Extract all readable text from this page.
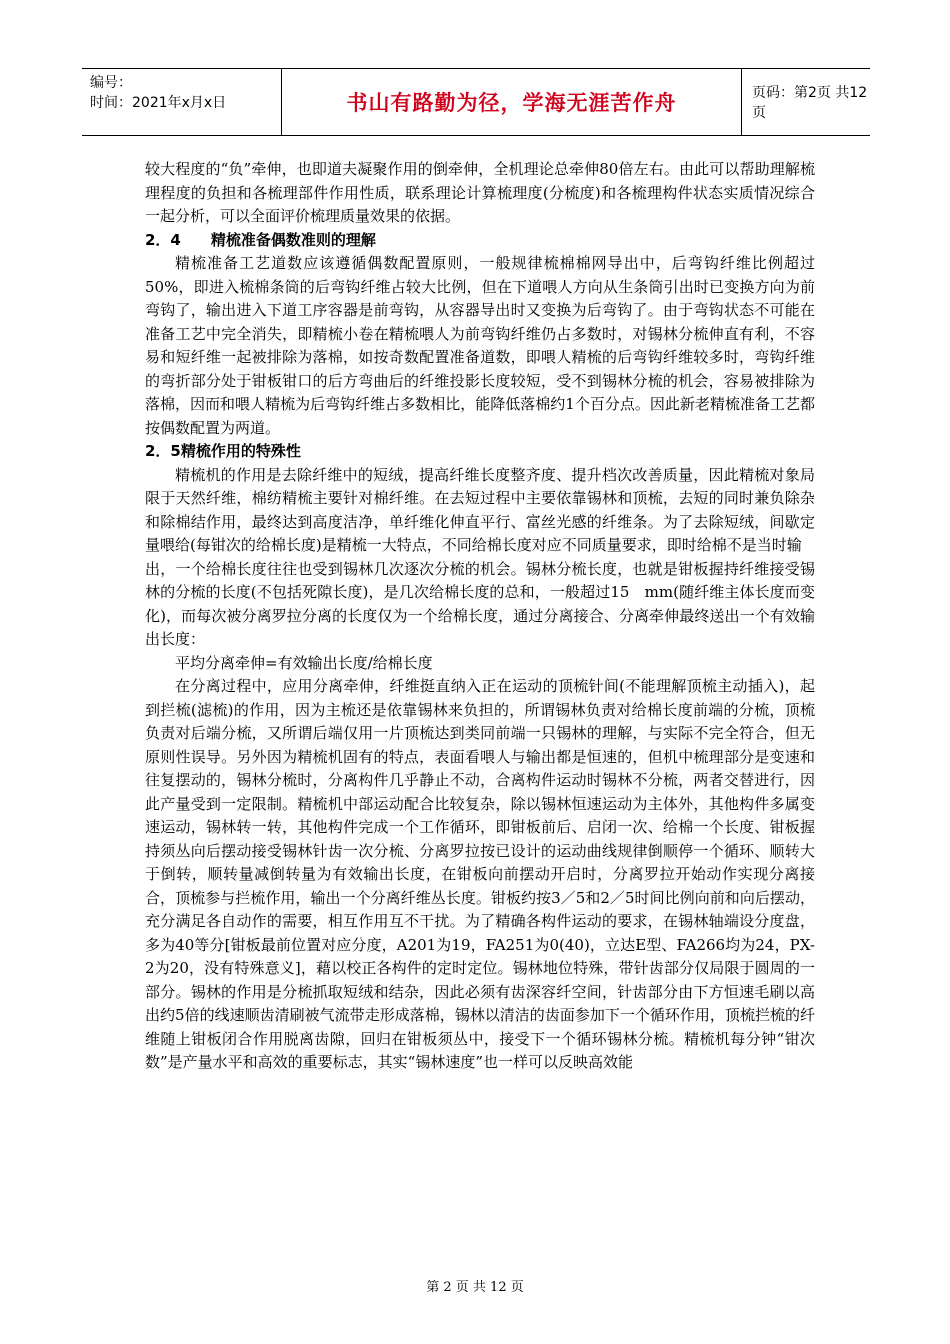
编号：
时间：2021年x月x日	书山有路勤为径，学海无涯苦作舟	页码：第2页 共12页

较大程度的“负”牵伸，也即道夫凝聚作用的倒牵伸，全机理论总牵伸80倍左右。由此可以帮助理解梳理程度的负担和各梳理部件作用性质，联系理论计算梳理度(分梳度)和各梳理构件状态实质情况综合一起分析，可以全面评价梳理质量效果的依据。

2．4　　精梳准备偶数准则的理解

精梳准备工艺道数应该遵循偶数配置原则，一般规律梳棉棉网导出中，后弯钩纤维比例超过50%，即进入梳棉条筒的后弯钩纤维占较大比例，但在下道喂人方向从生条筒引出时已变换方向为前弯钩了，输出进入下道工序容器是前弯钩，从容器导出时又变换为后弯钩了。由于弯钩状态不可能在准备工艺中完全消失，即精梳小卷在精梳喂人为前弯钩纤维仍占多数时，对锡林分梳伸直有利，不容易和短纤维一起被排除为落棉，如按奇数配置准备道数，即喂人精梳的后弯钩纤维较多时，弯钩纤维的弯折部分处于钳板钳口的后方弯曲后的纤维投影长度较短，受不到锡林分梳的机会，容易被排除为落棉，因而和喂人精梳为后弯钩纤维占多数相比，能降低落棉约1个百分点。因此新老精梳准备工艺都按偶数配置为两道。

2．5精梳作用的特殊性

精梳机的作用是去除纤维中的短绒，提高纤维长度整齐度、提升档次改善质量，因此精梳对象局限于天然纤维，棉纺精梳主要针对棉纤维。在去短过程中主要依靠锡林和顶梳，去短的同时兼负除杂和除棉结作用，最终达到高度洁净，单纤维化伸直平行、富丝光感的纤维条。为了去除短绒，间歇定量喂给(每钳次的给棉长度)是精梳一大特点，不同给棉长度对应不同质量要求，即时给棉不是当时输

出，一个给棉长度往往也受到锡林几次逐次分梳的机会。锡林分梳长度，也就是钳板握持纤维接受锡林的分梳的长度(不包括死隙长度)，是几次给棉长度的总和，一般超过15　mm(随纤维主体长度而变化)，而每次被分离罗拉分离的长度仅为一个给棉长度，通过分离接合、分离牵伸最终送出一个有效输出长度：

平均分离牵伸=有效输出长度/给棉长度

在分离过程中，应用分离牵伸，纤维挺直纳入正在运动的顶梳针间(不能理解顶梳主动插入)，起到拦梳(滤梳)的作用，因为主梳还是依靠锡林来负担的，所谓锡林负责对给棉长度前端的分梳，顶梳负责对后端分梳，又所谓后端仅用一片顶梳达到类同前端一只锡林的理解，与实际不完全符合，但无原则性误导。另外因为精梳机固有的特点，表面看喂人与输出都是恒速的，但机中梳理部分是变速和往复摆动的，锡林分梳时，分离构件几乎静止不动，合离构件运动时锡林不分梳，两者交替进行，因此产量受到一定限制。精梳机中部运动配合比较复杂，除以锡林恒速运动为主体外，其他构件多属变速运动，锡林转一转，其他构件完成一个工作循环，即钳板前后、启闭一次、给棉一个长度、钳板握持须丛向后摆动接受锡林针齿一次分梳、分离罗拉按已设计的运动曲线规律倒顺停一个循环、顺转大于倒转，顺转量减倒转量为有效输出长度，在钳板向前摆动开启时，分离罗拉开始动作实现分离接合，顶梳参与拦梳作用，输出一个分离纤维丛长度。钳板约按3／5和2／5时间比例向前和向后摆动，充分满足各自动作的需要，相互作用互不干扰。为了精确各构件运动的要求，在锡林轴端设分度盘，多为40等分[钳板最前位置对应分度，A201为19，FA251为0(40)，立达E型、FA266均为24，PX-2为20，没有特殊意义]，藉以校正各构件的定时定位。锡林地位特殊，带针齿部分仅局限于圆周的一部分。锡林的作用是分梳抓取短绒和结杂，因此必须有齿深容纤空间，针齿部分由下方恒速毛刷以高出约5倍的线速顺齿清刷被气流带走形成落棉，锡林以清洁的齿面参加下一个循环作用，顶梳拦梳的纤维随上钳板闭合作用脱离齿隙，回归在钳板须丛中，接受下一个循环锡林分梳。精梳机每分钟“钳次数”是产量水平和高效的重要标志，其实“锡林速度”也一样可以反映高效能

第 2 页 共 12 页
